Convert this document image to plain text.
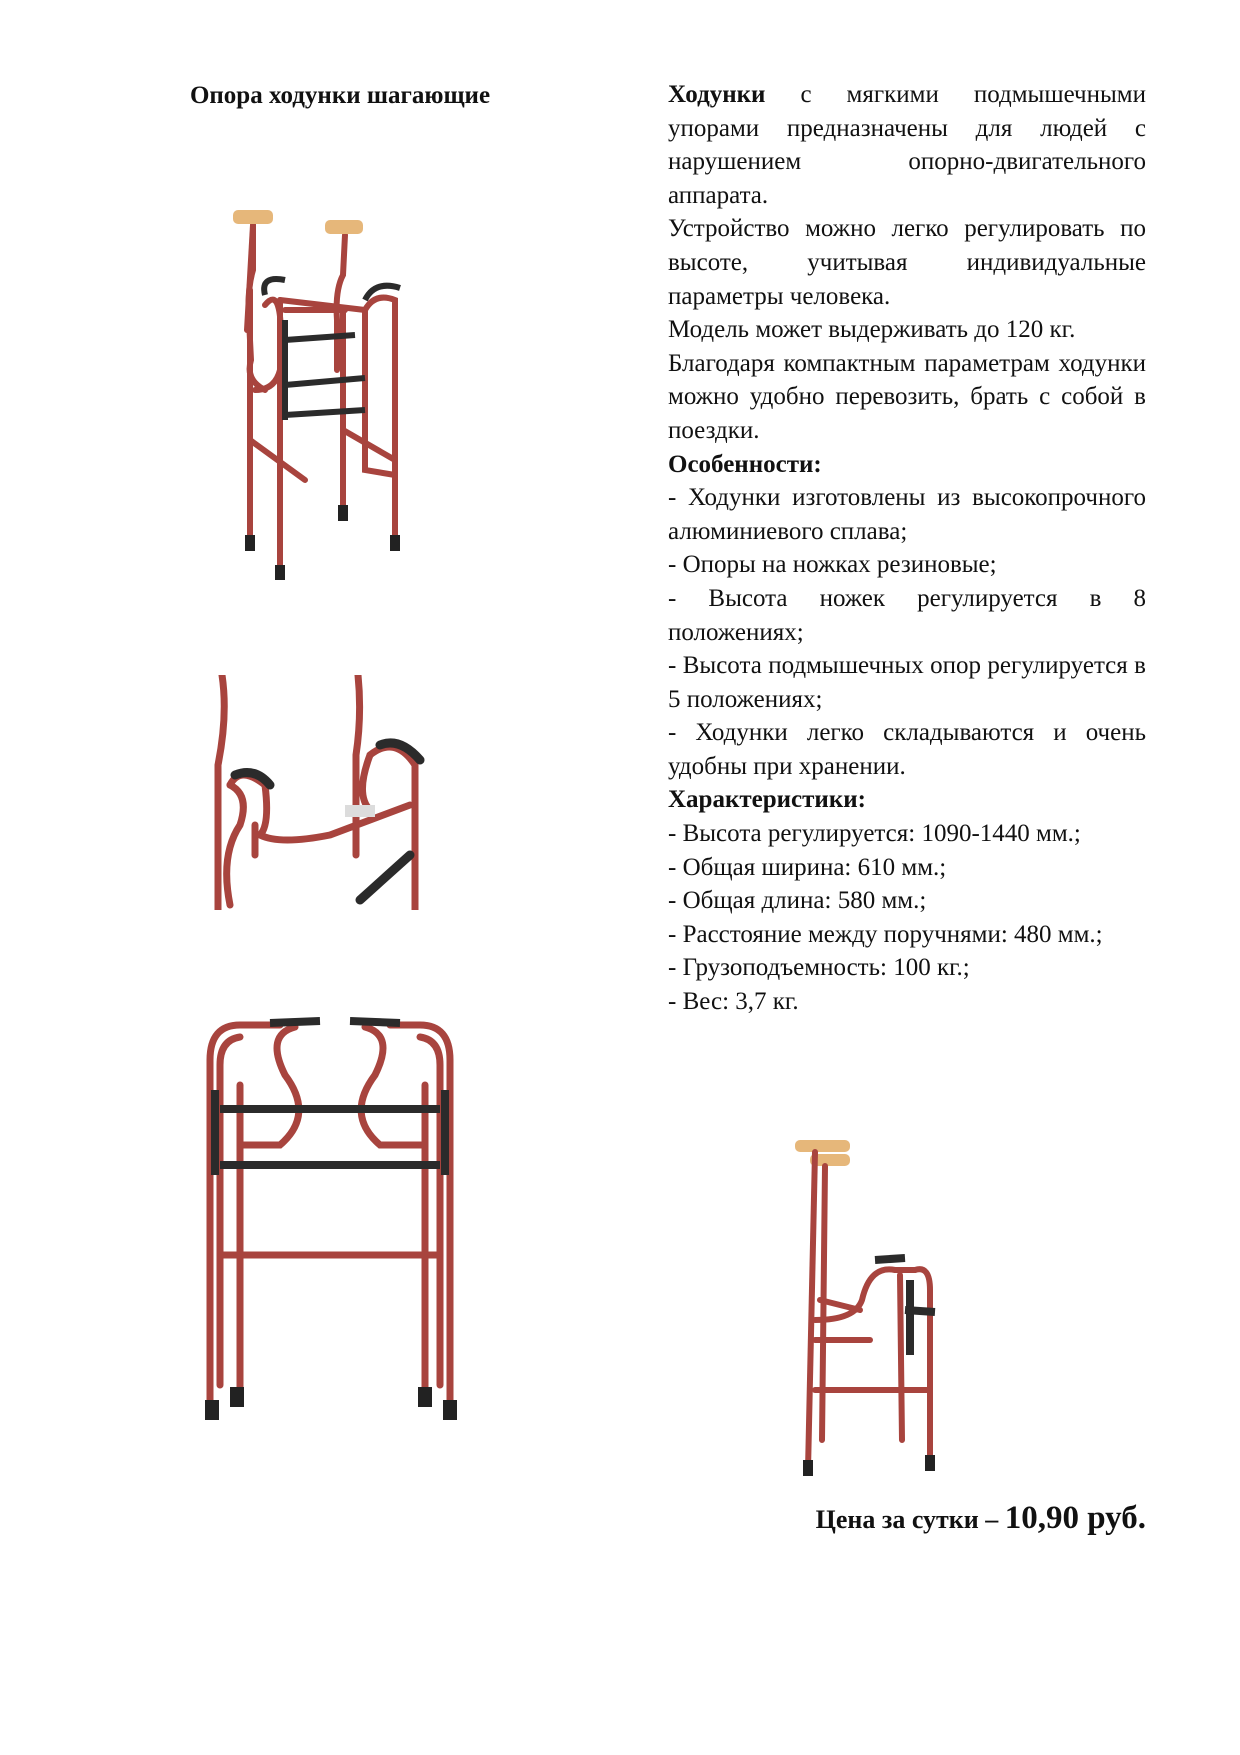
Опора ходунки шагающие	Ходунки с мягкими подмышечными упорами предназначены для людей с нарушением опорно-двигательного аппарата.

Устройство можно легко регулировать по высоте, учитывая индивидуальные параметры человека.

Модель может выдерживать до 120 кг.

Благодаря компактным параметрам ходунки можно удобно перевозить, брать с собой в поездки.

Особенности:

- Ходунки изготовлены из высокопрочного алюминиевого сплава;

- Опоры на ножках резиновые;

- Высота ножек регулируется в 8 положениях;

- Высота подмышечных опор регулируется в 5 положениях;

- Ходунки легко складываются и очень удобны при хранении.

Характеристики:

- Высота регулируется: 1090-1440 мм.;

- Общая ширина: 610 мм.;

- Общая длина: 580 мм.;

- Расстояние между поручнями: 480 мм.;

- Грузоподъемность: 100 кг.;

- Вес: 3,7 кг.

Цена за сутки – 10,90 руб.
